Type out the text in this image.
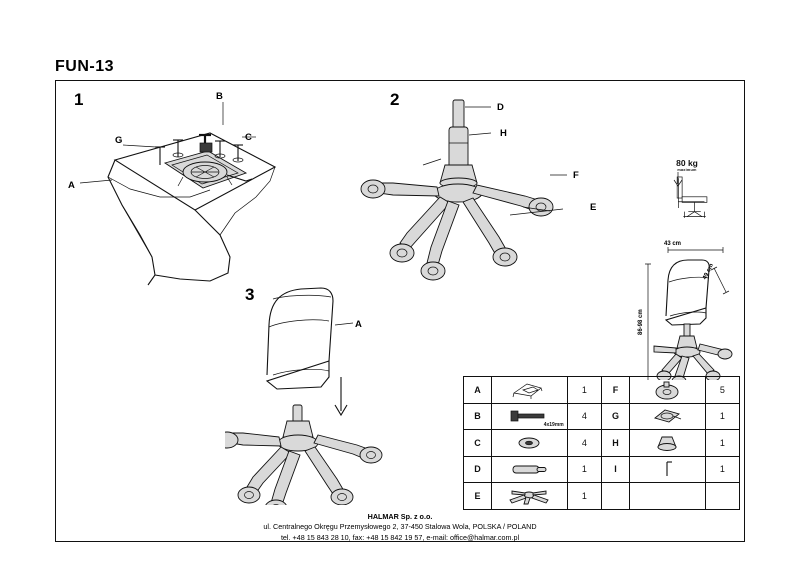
FUN-13
1	2
3
A
B
C
G
D
H
F
E
A
80 kg
maximum
43 cm
49 cm
86-98 cm
A		1	F		5
B	4x19mm	4	G		1
C		4	H		1
D		1	I		1
E		1			
HALMAR Sp. z o.o.
ul. Centralnego Okręgu Przemysłowego 2, 37-450 Stalowa Wola, POLSKA / POLAND
tel. +48 15 843 28 10, fax: +48 15 842 19 57, e-mail: office@halmar.com.pl
